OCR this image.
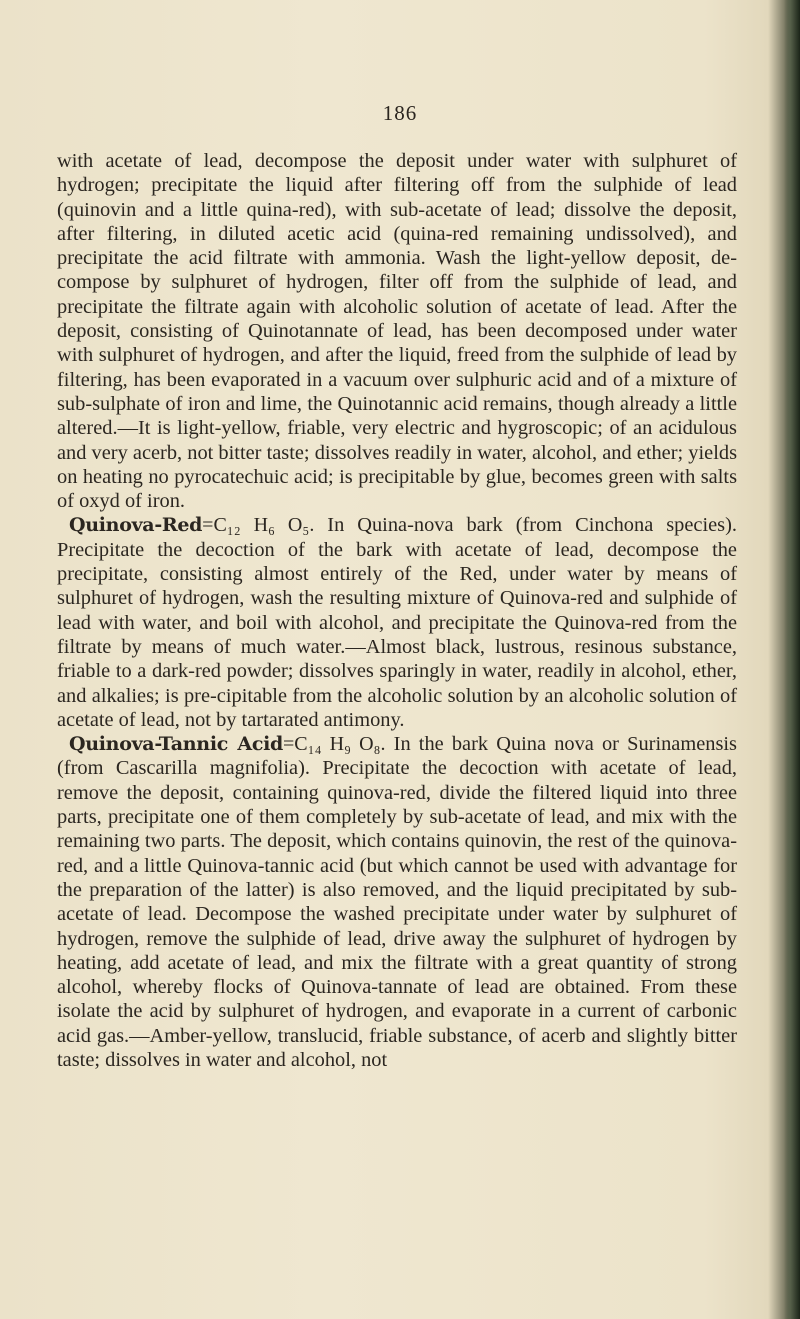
186

with acetate of lead, decompose the deposit under water with sulphuret of hydrogen; precipitate the liquid after filtering off from the sulphide of lead (quinovin and a little quina-red), with sub-acetate of lead; dissolve the deposit, after filtering, in diluted acetic acid (quina-red remaining undissolved), and precipitate the acid filtrate with ammonia. Wash the light-yellow deposit, de-compose by sulphuret of hydrogen, filter off from the sulphide of lead, and precipitate the filtrate again with alcoholic solution of acetate of lead. After the deposit, consisting of Quinotannate of lead, has been decomposed under water with sulphuret of hydrogen, and after the liquid, freed from the sulphide of lead by filtering, has been evaporated in a vacuum over sulphuric acid and of a mixture of sub-sulphate of iron and lime, the Quinotannic acid remains, though already a little altered.—It is light-yellow, friable, very electric and hygroscopic; of an acidulous and very acerb, not bitter taste; dissolves readily in water, alcohol, and ether; yields on heating no pyrocatechuic acid; is precipitable by glue, becomes green with salts of oxyd of iron.

Quinova-Red=C₁₂ H₆ O₅. In Quina-nova bark (from Cinchona species). Precipitate the decoction of the bark with acetate of lead, decompose the precipitate, consisting almost entirely of the Red, under water by means of sulphuret of hydrogen, wash the resulting mixture of Quinova-red and sulphide of lead with water, and boil with alcohol, and precipitate the Quinova-red from the filtrate by means of much water.—Almost black, lustrous, resinous substance, friable to a dark-red powder; dissolves sparingly in water, readily in alcohol, ether, and alkalies; is pre-cipitable from the alcoholic solution by an alcoholic solution of acetate of lead, not by tartarated antimony.

Quinova-Tannic Acid=C₁₄ H₉ O₈. In the bark Quina nova or Surinamensis (from Cascarilla magnifolia). Precipitate the decoction with acetate of lead, remove the deposit, containing quinova-red, divide the filtered liquid into three parts, precipitate one of them completely by sub-acetate of lead, and mix with the remaining two parts. The deposit, which contains quinovin, the rest of the quinova-red, and a little Quinova-tannic acid (but which cannot be used with advantage for the preparation of the latter) is also removed, and the liquid precipitated by sub-acetate of lead. Decompose the washed precipitate under water by sulphuret of hydrogen, remove the sulphide of lead, drive away the sulphuret of hydrogen by heating, add acetate of lead, and mix the filtrate with a great quantity of strong alcohol, whereby flocks of Quinova-tannate of lead are obtained. From these isolate the acid by sulphuret of hydrogen, and evaporate in a current of carbonic acid gas.—Amber-yellow, translucid, friable substance, of acerb and slightly bitter taste; dissolves in water and alcohol, not
